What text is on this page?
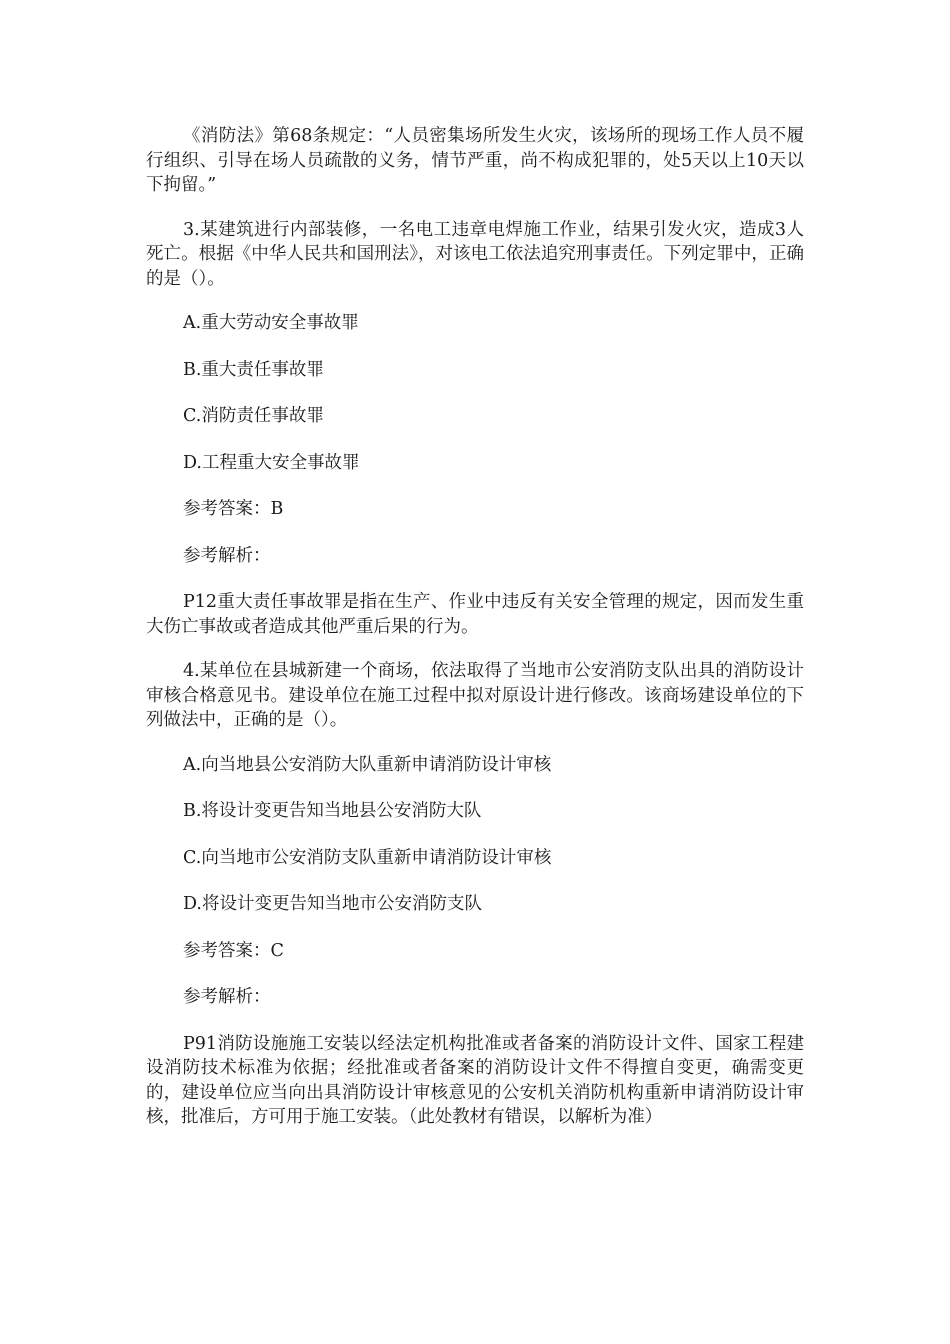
《消防法》第68条规定：“人员密集场所发生火灾，该场所的现场工作人员不履行组织、引导在场人员疏散的义务，情节严重，尚不构成犯罪的，处5天以上10天以下拘留。”

3.某建筑进行内部装修，一名电工违章电焊施工作业，结果引发火灾，造成3人死亡。根据《中华人民共和国刑法》，对该电工依法追究刑事责任。下列定罪中，正确的是（）。

A.重大劳动安全事故罪

B.重大责任事故罪

C.消防责任事故罪

D.工程重大安全事故罪

参考答案：B

参考解析：

P12重大责任事故罪是指在生产、作业中违反有关安全管理的规定，因而发生重大伤亡事故或者造成其他严重后果的行为。

4.某单位在县城新建一个商场，依法取得了当地市公安消防支队出具的消防设计审核合格意见书。建设单位在施工过程中拟对原设计进行修改。该商场建设单位的下列做法中，正确的是（）。

A.向当地县公安消防大队重新申请消防设计审核

B.将设计变更告知当地县公安消防大队

C.向当地市公安消防支队重新申请消防设计审核

D.将设计变更告知当地市公安消防支队

参考答案：C

参考解析：

P91消防设施施工安装以经法定机构批准或者备案的消防设计文件、国家工程建设消防技术标准为依据；经批准或者备案的消防设计文件不得擅自变更，确需变更的，建设单位应当向出具消防设计审核意见的公安机关消防机构重新申请消防设计审核，批准后，方可用于施工安装。（此处教材有错误，以解析为准）
